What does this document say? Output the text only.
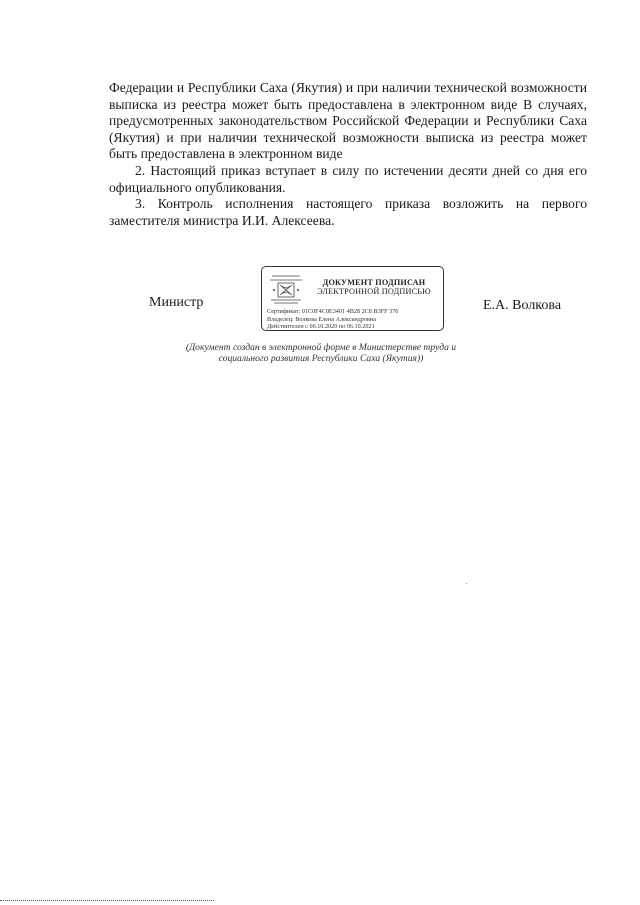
Федерации и Республики Саха (Якутия) и при наличии технической возможности выписка из реестра может быть предоставлена в электронном виде В случаях, предусмотренных законодательством Российской Федерации и Республики Саха (Якутия) и при наличии технической возможности выписка из реестра может быть предоставлена в электронном виде

2. Настоящий приказ вступает в силу по истечении десяти дней со дня его официального опубликования.

3. Контроль исполнения настоящего приказа возложить на первого заместителя министра И.И. Алексеева.

Министр
ДОКУМЕНТ ПОДПИСАН
ЭЛЕКТРОННОЙ ПОДПИСЬЮ
Сертификат: 01C0F4C0E3401 4B28 2C8 B3FF 376
Владелец: Волкова Елена Александровна
Действителен с 06.10.2020 по 06.10.2021
Е.А. Волкова
(Документ создан в электронной форме в Министерстве труда и
социального развития Республики Саха (Якутия))
